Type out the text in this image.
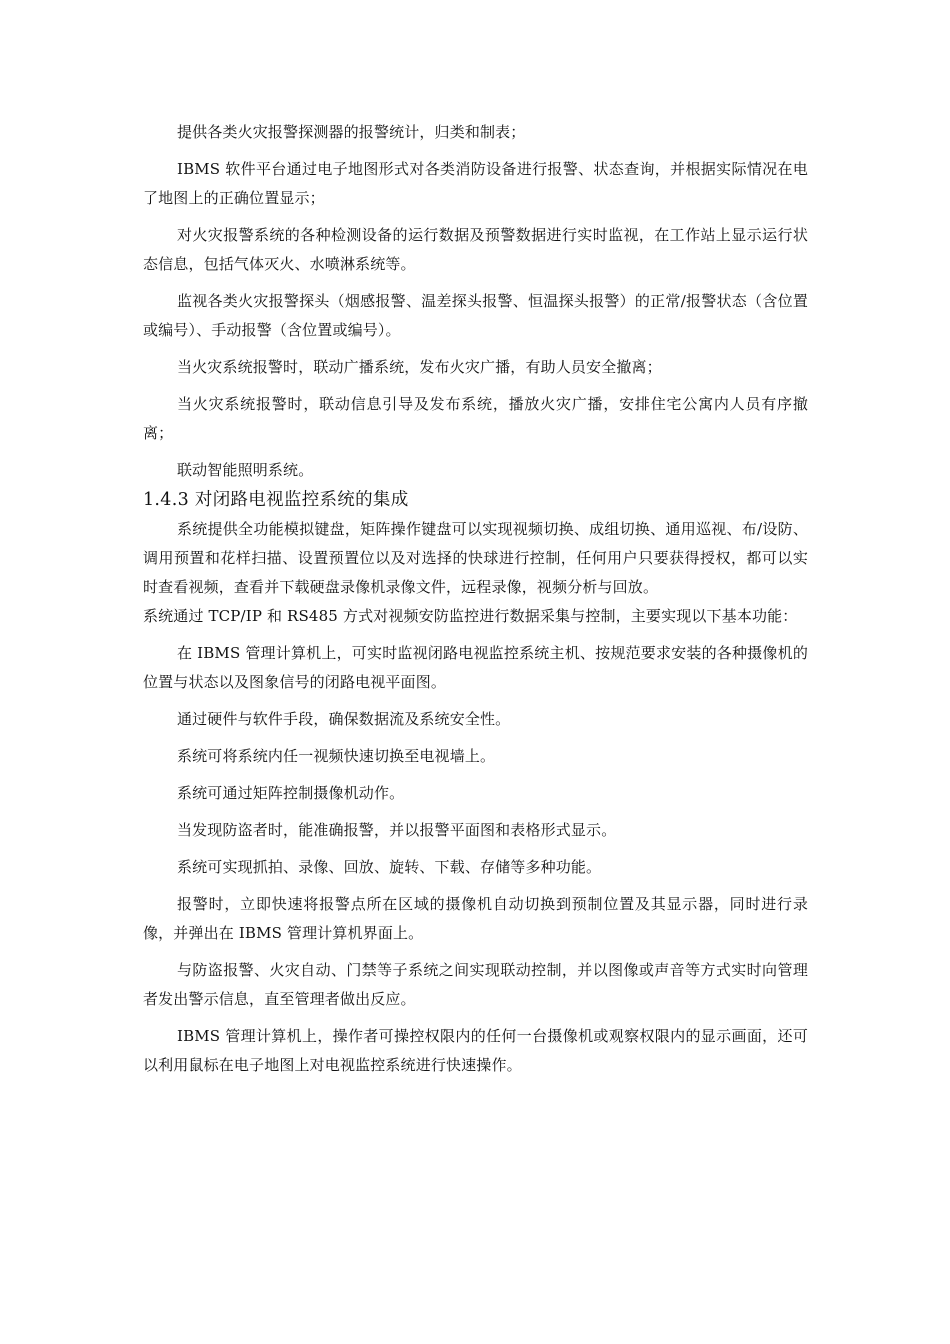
提供各类火灾报警探测器的报警统计，归类和制表；

IBMS 软件平台通过电子地图形式对各类消防设备进行报警、状态查询，并根据实际情况在电了地图上的正确位置显示；

对火灾报警系统的各种检测设备的运行数据及预警数据进行实时监视，在工作站上显示运行状态信息，包括气体灭火、水喷淋系统等。

监视各类火灾报警探头（烟感报警、温差探头报警、恒温探头报警）的正常/报警状态（含位置或编号）、手动报警（含位置或编号）。

当火灾系统报警时，联动广播系统，发布火灾广播，有助人员安全撤离；

当火灾系统报警时，联动信息引导及发布系统，播放火灾广播，安排住宅公寓内人员有序撤离；

联动智能照明系统。

1.4.3 对闭路电视监控系统的集成

系统提供全功能模拟键盘，矩阵操作键盘可以实现视频切换、成组切换、通用巡视、布/设防、调用预置和花样扫描、设置预置位以及对选择的快球进行控制，任何用户只要获得授权，都可以实时查看视频，查看并下载硬盘录像机录像文件，远程录像，视频分析与回放。

系统通过 TCP/IP 和 RS485 方式对视频安防监控进行数据采集与控制，主要实现以下基本功能：

在 IBMS 管理计算机上，可实时监视闭路电视监控系统主机、按规范要求安装的各种摄像机的位置与状态以及图象信号的闭路电视平面图。

通过硬件与软件手段，确保数据流及系统安全性。

系统可将系统内任一视频快速切换至电视墙上。

系统可通过矩阵控制摄像机动作。

当发现防盗者时，能准确报警，并以报警平面图和表格形式显示。

系统可实现抓拍、录像、回放、旋转、下载、存储等多种功能。

报警时，立即快速将报警点所在区域的摄像机自动切换到预制位置及其显示器，同时进行录像，并弹出在 IBMS 管理计算机界面上。

与防盗报警、火灾自动、门禁等子系统之间实现联动控制，并以图像或声音等方式实时向管理者发出警示信息，直至管理者做出反应。

IBMS 管理计算机上，操作者可操控权限内的任何一台摄像机或观察权限内的显示画面，还可以利用鼠标在电子地图上对电视监控系统进行快速操作。
